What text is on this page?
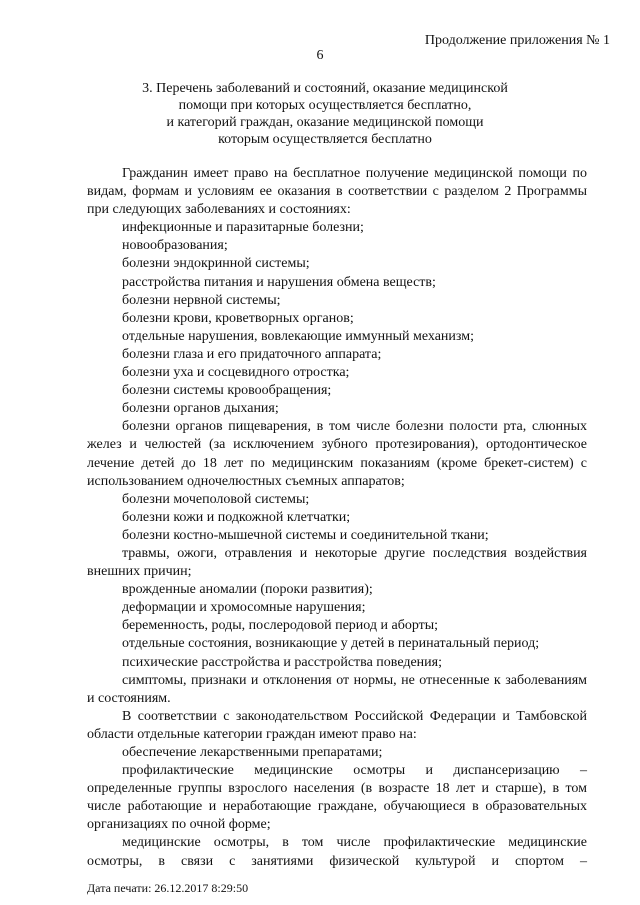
Продолжение приложения № 1
6
3. Перечень заболеваний и состояний, оказание медицинской
помощи при которых осуществляется бесплатно,
и категорий граждан, оказание медицинской помощи
которым осуществляется бесплатно
Гражданин имеет право на бесплатное получение медицинской помощи по видам, формам и условиям ее оказания в соответствии с разделом 2 Программы при следующих заболеваниях и состояниях:
инфекционные и паразитарные болезни;
новообразования;
болезни эндокринной системы;
расстройства питания и нарушения обмена веществ;
болезни нервной системы;
болезни крови, кроветворных органов;
отдельные нарушения, вовлекающие иммунный механизм;
болезни глаза и его придаточного аппарата;
болезни уха и сосцевидного отростка;
болезни системы кровообращения;
болезни органов дыхания;
болезни органов пищеварения, в том числе болезни полости рта, слюнных желез и челюстей (за исключением зубного протезирования), ортодонтическое лечение детей до 18 лет по медицинским показаниям (кроме брекет-систем) с использованием одночелюстных съемных аппаратов;
болезни мочеполовой системы;
болезни кожи и подкожной клетчатки;
болезни костно-мышечной системы и соединительной ткани;
травмы, ожоги, отравления и некоторые другие последствия воздействия внешних причин;
врожденные аномалии (пороки развития);
деформации и хромосомные нарушения;
беременность, роды, послеродовой период и аборты;
отдельные состояния, возникающие у детей в перинатальный период;
психические расстройства и расстройства поведения;
симптомы, признаки и отклонения от нормы, не отнесенные к заболеваниям и состояниям.
В соответствии с законодательством Российской Федерации и Тамбовской области отдельные категории граждан имеют право на:
обеспечение лекарственными препаратами;
профилактические медицинские осмотры и диспансеризацию – определенные группы взрослого населения (в возрасте 18 лет и старше), в том числе работающие и неработающие граждане, обучающиеся в образовательных организациях по очной форме;
медицинские осмотры, в том числе профилактические медицинские осмотры, в связи с занятиями физической культурой и спортом –
Дата печати: 26.12.2017 8:29:50
